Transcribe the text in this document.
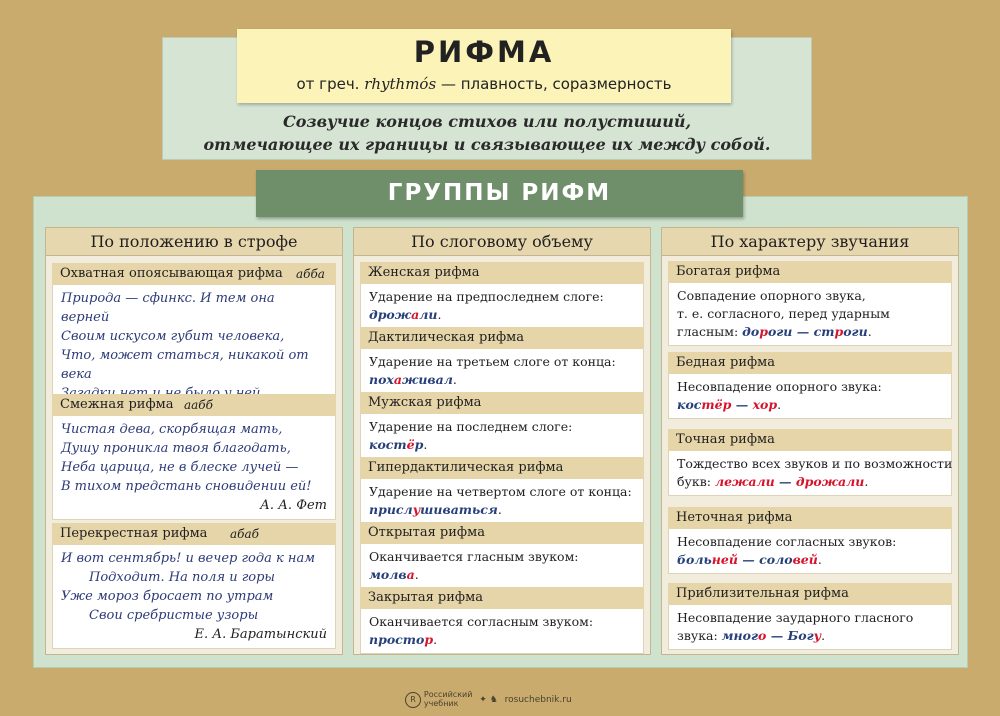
РИФМА
от греч. rhythmós — плавность, соразмерность
Созвучие концов стихов или полустиший,
отмечающее их границы и связывающее их между собой.
ГРУППЫ РИФМ
По положению в строфе
Охватная опоясывающая рифма абба
Природа — сфинкс. И тем она верней
Своим искусом губит человека,
Что, может статься, никакой от века
Смежная рифма аабб
Чистая дева, скорбящая мать,
Душу проникла твоя благодать,
Неба царица, не в блеске лучей —
В тихом предстань сновидении ей!
А. А. Фет
Перекрестная рифма абаб
И вот сентябрь! и вечер года к нам
Подходит. На поля и горы
Уже мороз бросает по утрам
Свои сребристые узоры
Е. А. Баратынский
По слоговому объему
Женская рифма
Ударение на предпоследнем слоге:
дрожали.
Дактилическая рифма
Ударение на третьем слоге от конца:
похаживал.
Мужская рифма
Ударение на последнем слоге:
костёр.
Гипердактилическая рифма
Ударение на четвертом слоге от конца:
прислушиваться.
Открытая рифма
Оканчивается гласным звуком:
молва.
Закрытая рифма
Оканчивается согласным звуком:
простор.
По характеру звучания
Богатая рифма
Совпадение опорного звука,
т. е. согласного, перед ударным
гласным: дороги — строги.
Бедная рифма
Несовпадение опорного звука:
костёр — хор.
Точная рифма
Тождество всех звуков и по возможности
букв: лежали — дрожали.
Неточная рифма
Несовпадение согласных звуков:
больней — соловей.
Приблизительная рифма
Несовпадение заударного гласного
звука: много — Богу.
R Российский
учебник ✦ ♞ rosuchebnik.ru
